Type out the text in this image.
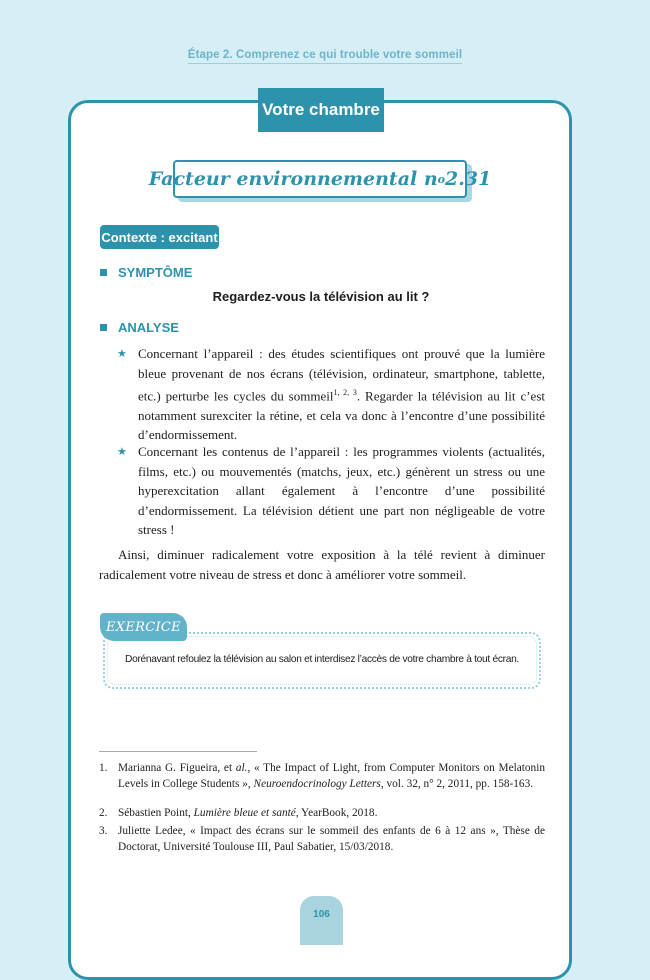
Étape 2. Comprenez ce qui trouble votre sommeil
Votre chambre
Facteur environnemental n o 2.31
Contexte : excitant
SYMPTÔME
Regardez-vous la télévision au lit ?
ANALYSE
★ Concernant l’appareil : des études scientifiques ont prouvé que la lumière bleue provenant de nos écrans (télévision, ordinateur, smartphone, tablette, etc.) perturbe les cycles du sommeil$^{1, 2, 3}$. Regarder la télévision au lit c’est notamment surexciter la rétine, et cela va donc à l’encontre d’une possibilité d’endormissement.
★ Concernant les contenus de l’appareil : les programmes violents (actualités, films, etc.) ou mouvementés (matchs, jeux, etc.) génèrent un stress ou une hyperexcitation allant également à l’encontre d’une possibilité d’endormissement. La télévision détient une part non négligeable de votre stress !
Ainsi, diminuer radicalement votre exposition à la télé revient à diminuer radicalement votre niveau de stress et donc à améliorer votre sommeil.
EXERCICE
Dorénavant refoulez la télévision au salon et interdisez l’accès de votre chambre à tout écran.
1. Marianna G. Figueira, et al., « The Impact of Light, from Computer Monitors on Melatonin Levels in College Students », Neuroendocrinology Letters, vol. 32, n° 2, 2011, pp. 158-163.
2. Sébastien Point, Lumière bleue et santé, YearBook, 2018.
3. Juliette Ledee, « Impact des écrans sur le sommeil des enfants de 6 à 12 ans », Thèse de Doctorat, Université Toulouse III, Paul Sabatier, 15/03/2018.
106
